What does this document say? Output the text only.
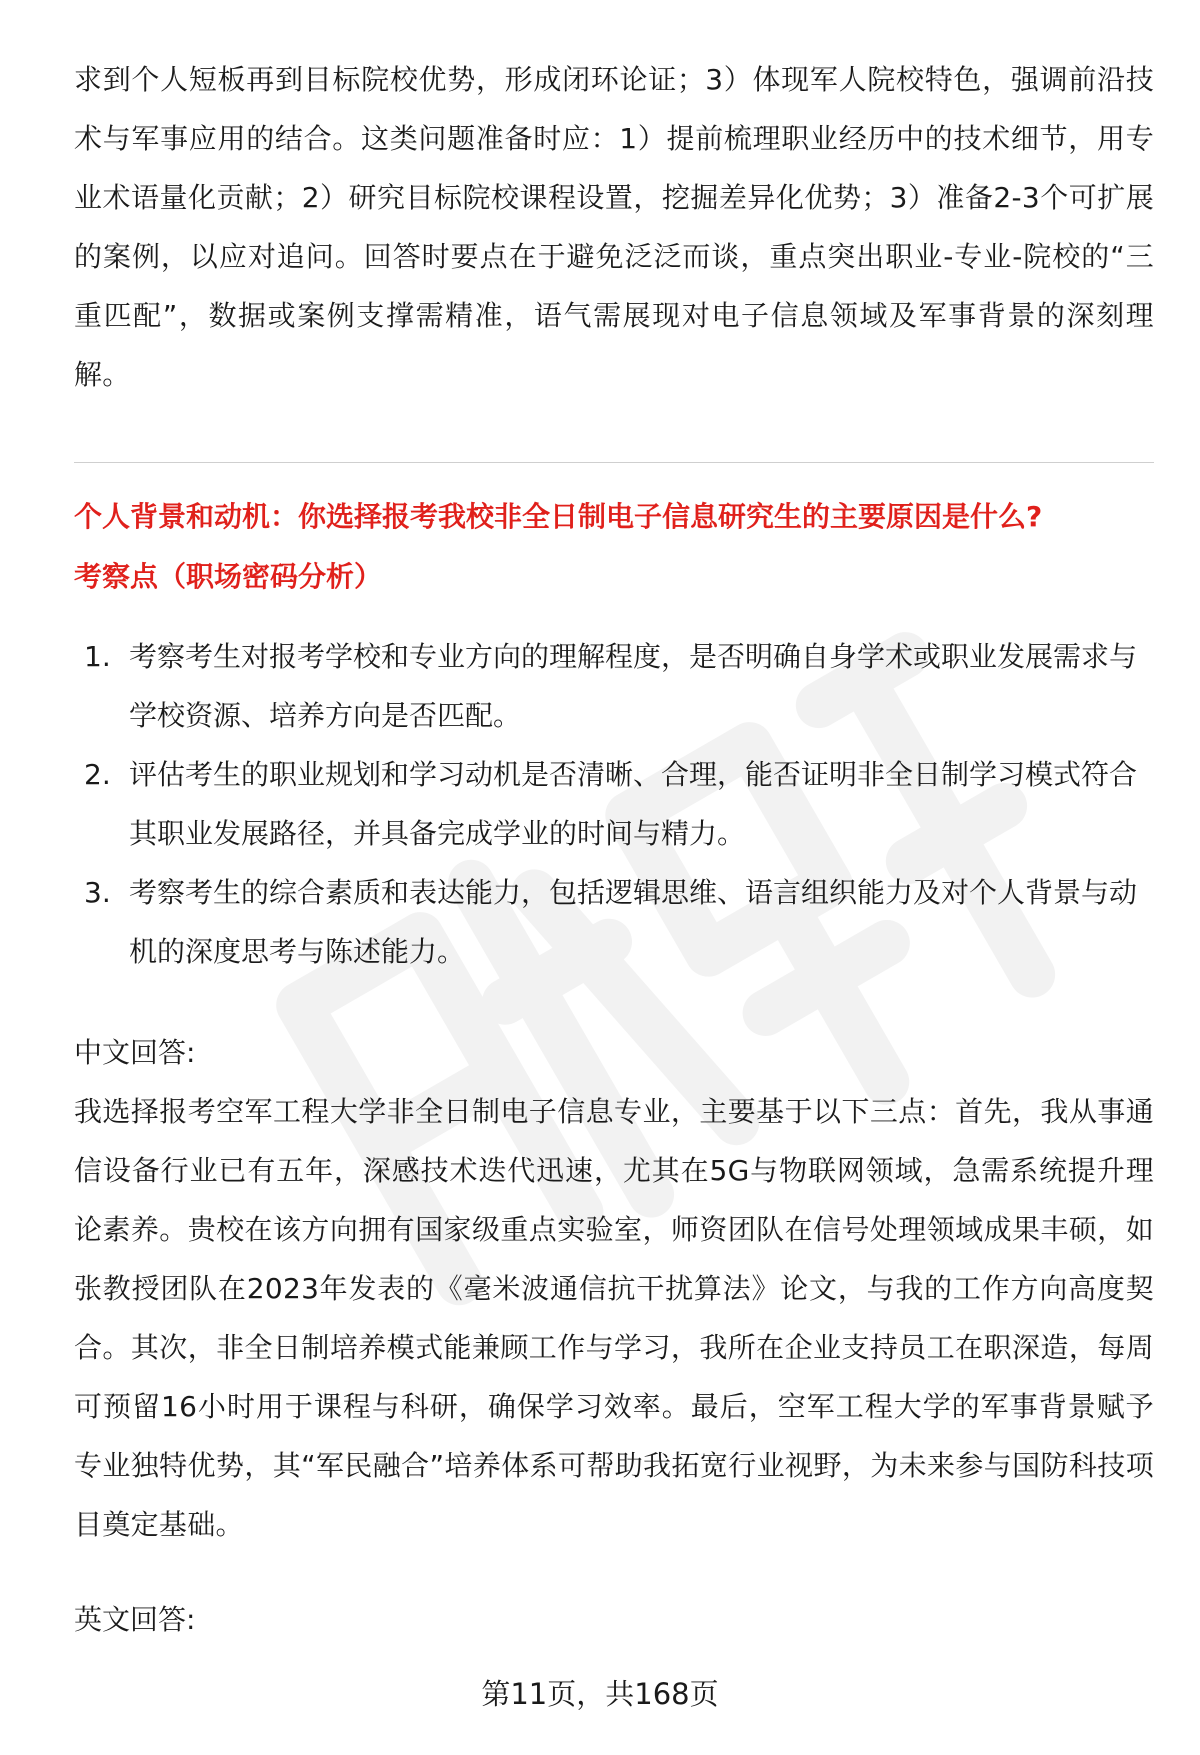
求到个人短板再到目标院校优势，形成闭环论证；3）体现军人院校特色，强调前沿技术与军事应用的结合。这类问题准备时应：1）提前梳理职业经历中的技术细节，用专业术语量化贡献；2）研究目标院校课程设置，挖掘差异化优势；3）准备2-3个可扩展的案例，以应对追问。回答时要点在于避免泛泛而谈，重点突出职业-专业-院校的“三重匹配”，数据或案例支撑需精准，语气需展现对电子信息领域及军事背景的深刻理解。

个人背景和动机：你选择报考我校非全日制电子信息研究生的主要原因是什么?

考察点（职场密码分析）

1. 考察考生对报考学校和专业方向的理解程度，是否明确自身学术或职业发展需求与学校资源、培养方向是否匹配。
2. 评估考生的职业规划和学习动机是否清晰、合理，能否证明非全日制学习模式符合其职业发展路径，并具备完成学业的时间与精力。
3. 考察考生的综合素质和表达能力，包括逻辑思维、语言组织能力及对个人背景与动机的深度思考与陈述能力。

中文回答:

我选择报考空军工程大学非全日制电子信息专业，主要基于以下三点：首先，我从事通信设备行业已有五年，深感技术迭代迅速，尤其在5G与物联网领域，急需系统提升理论素养。贵校在该方向拥有国家级重点实验室，师资团队在信号处理领域成果丰硕，如张教授团队在2023年发表的《毫米波通信抗干扰算法》论文，与我的工作方向高度契合。其次，非全日制培养模式能兼顾工作与学习，我所在企业支持员工在职深造，每周可预留16小时用于课程与科研，确保学习效率。最后，空军工程大学的军事背景赋予专业独特优势，其“军民融合”培养体系可帮助我拓宽行业视野，为未来参与国防科技项目奠定基础。

英文回答:

第11页，共168页
